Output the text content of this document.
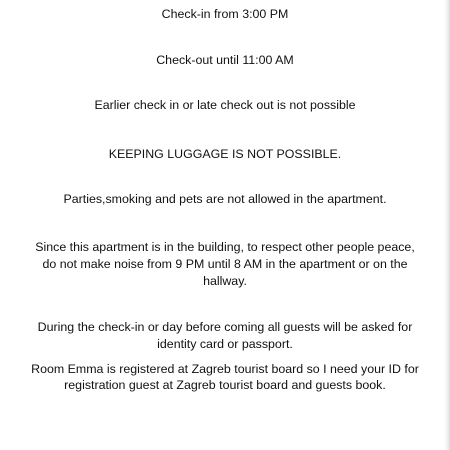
Check-in from 3:00 PM
Check-out until 11:00 AM
Earlier check in or late check out is not possible
KEEPING LUGGAGE IS NOT POSSIBLE.
Parties,smoking and pets are not allowed in the apartment.
Since this apartment is in the building, to respect other people peace,
do not make noise from 9 PM until 8 AM in the apartment or on the
hallway.
During the check-in or day before coming all guests will be asked for
identity card or passport.
Room Emma is registered at Zagreb tourist board so I need your ID for
registration guest at Zagreb tourist board and guests book.
